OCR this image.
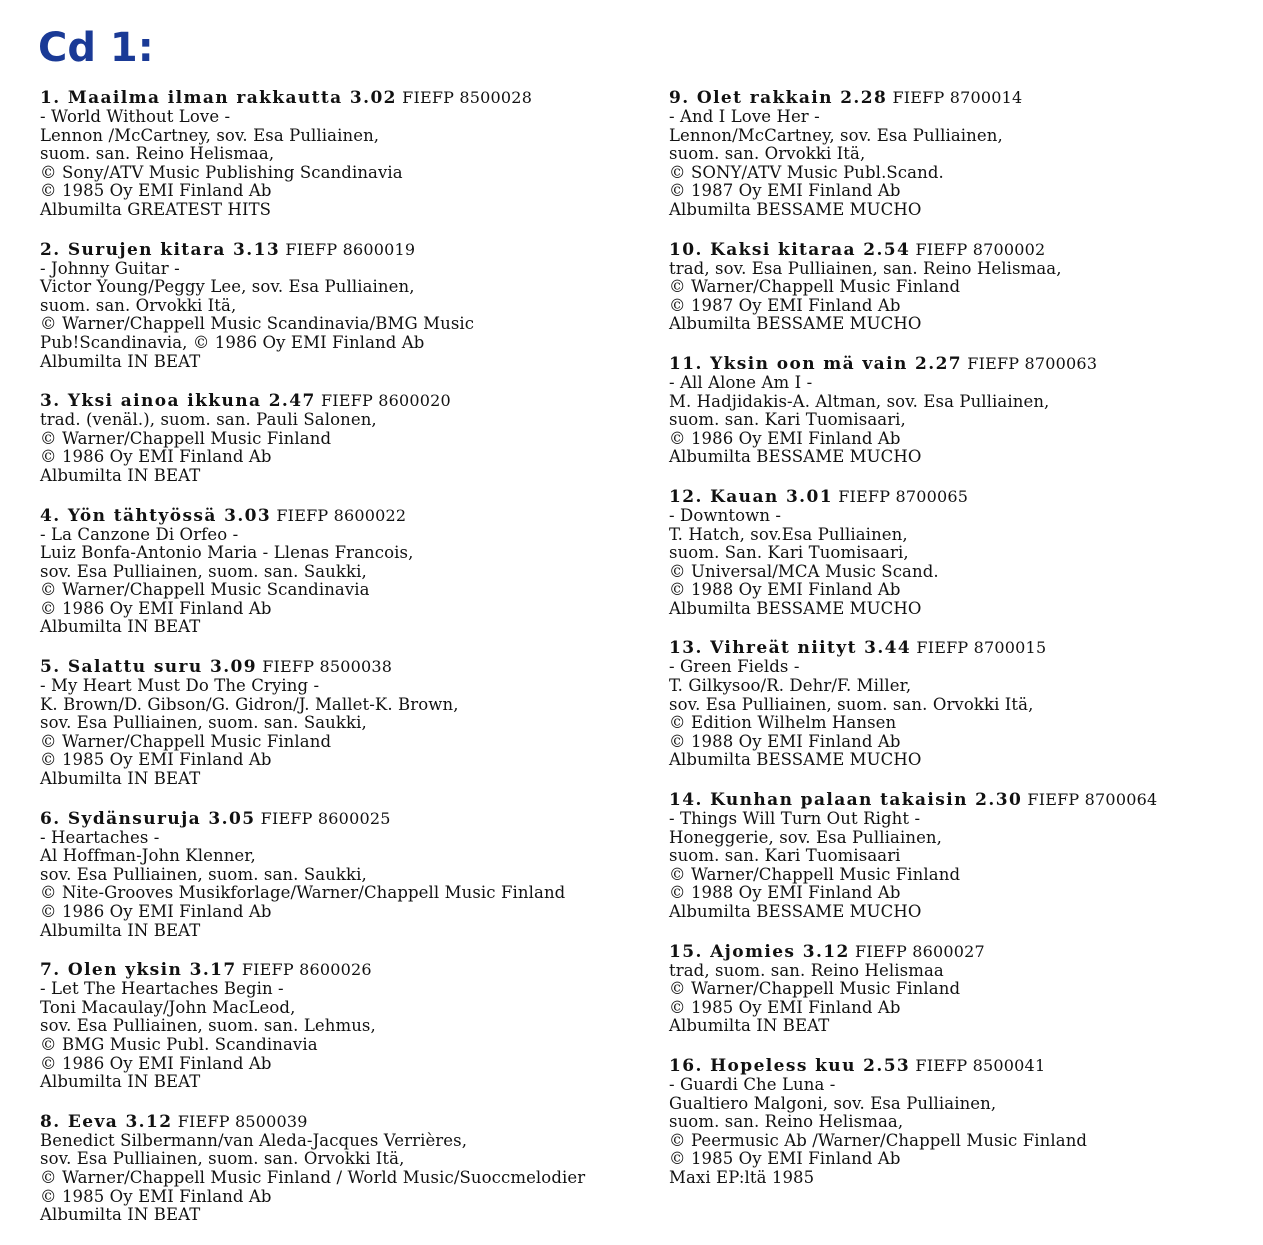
Cd 1:
1. Maailma ilman rakkautta 3.02 FIEFP 8500028
- World Without Love -
Lennon /McCartney, sov. Esa Pulliainen,
suom. san. Reino Helismaa,
© Sony/ATV Music Publishing Scandinavia
© 1985 Oy EMI Finland Ab
Albumilta GREATEST HITS
2. Surujen kitara 3.13 FIEFP 8600019
- Johnny Guitar -
Victor Young/Peggy Lee, sov. Esa Pulliainen,
suom. san. Orvokki Itä,
© Warner/Chappell Music Scandinavia/BMG Music
Pub!Scandinavia, © 1986 Oy EMI Finland Ab
Albumilta IN BEAT
3. Yksi ainoa ikkuna 2.47 FIEFP 8600020
trad. (venäl.), suom. san. Pauli Salonen,
© Warner/Chappell Music Finland
© 1986 Oy EMI Finland Ab
Albumilta IN BEAT
4. Yön tähtyössä 3.03 FIEFP 8600022
- La Canzone Di Orfeo -
Luiz Bonfa-Antonio Maria - Llenas Francois,
sov. Esa Pulliainen, suom. san. Saukki,
© Warner/Chappell Music Scandinavia
© 1986 Oy EMI Finland Ab
Albumilta IN BEAT
5. Salattu suru 3.09 FIEFP 8500038
- My Heart Must Do The Crying -
K. Brown/D. Gibson/G. Gidron/J. Mallet-K. Brown,
sov. Esa Pulliainen, suom. san. Saukki,
© Warner/Chappell Music Finland
© 1985 Oy EMI Finland Ab
Albumilta IN BEAT
6. Sydänsuruja 3.05 FIEFP 8600025
- Heartaches -
Al Hoffman-John Klenner,
sov. Esa Pulliainen, suom. san. Saukki,
© Nite-Grooves Musikforlage/Warner/Chappell Music Finland
© 1986 Oy EMI Finland Ab
Albumilta IN BEAT
7. Olen yksin 3.17 FIEFP 8600026
- Let The Heartaches Begin -
Toni Macaulay/John MacLeod,
sov. Esa Pulliainen, suom. san. Lehmus,
© BMG Music Publ. Scandinavia
© 1986 Oy EMI Finland Ab
Albumilta IN BEAT
8. Eeva 3.12 FIEFP 8500039
Benedict Silbermann/van Aleda-Jacques Verrières,
sov. Esa Pulliainen, suom. san. Orvokki Itä,
© Warner/Chappell Music Finland / World Music/Suoccmelodier
© 1985 Oy EMI Finland Ab
Albumilta IN BEAT
9. Olet rakkain 2.28 FIEFP 8700014
- And I Love Her -
Lennon/McCartney, sov. Esa Pulliainen,
suom. san. Orvokki Itä,
© SONY/ATV Music Publ.Scand.
© 1987 Oy EMI Finland Ab
Albumilta BESSAME MUCHO
10. Kaksi kitaraa 2.54 FIEFP 8700002
trad, sov. Esa Pulliainen, san. Reino Helismaa,
© Warner/Chappell Music Finland
© 1987 Oy EMI Finland Ab
Albumilta BESSAME MUCHO
11. Yksin oon mä vain 2.27 FIEFP 8700063
- All Alone Am I -
M. Hadjidakis-A. Altman, sov. Esa Pulliainen,
suom. san. Kari Tuomisaari,
© 1986 Oy EMI Finland Ab
Albumilta BESSAME MUCHO
12. Kauan 3.01 FIEFP 8700065
- Downtown -
T. Hatch, sov.Esa Pulliainen,
suom. San. Kari Tuomisaari,
© Universal/MCA Music Scand.
© 1988 Oy EMI Finland Ab
Albumilta BESSAME MUCHO
13. Vihreät niityt 3.44 FIEFP 8700015
- Green Fields -
T. Gilkysoo/R. Dehr/F. Miller,
sov. Esa Pulliainen, suom. san. Orvokki Itä,
© Edition Wilhelm Hansen
© 1988 Oy EMI Finland Ab
Albumilta BESSAME MUCHO
14. Kunhan palaan takaisin 2.30 FIEFP 8700064
- Things Will Turn Out Right -
Honeggerie, sov. Esa Pulliainen,
suom. san. Kari Tuomisaari
© Warner/Chappell Music Finland
© 1988 Oy EMI Finland Ab
Albumilta BESSAME MUCHO
15. Ajomies 3.12 FIEFP 8600027
trad, suom. san. Reino Helismaa
© Warner/Chappell Music Finland
© 1985 Oy EMI Finland Ab
Albumilta IN BEAT
16. Hopeless kuu 2.53 FIEFP 8500041
- Guardi Che Luna -
Gualtiero Malgoni, sov. Esa Pulliainen,
suom. san. Reino Helismaa,
© Peermusic Ab /Warner/Chappell Music Finland
© 1985 Oy EMI Finland Ab
Maxi EP:ltä 1985
